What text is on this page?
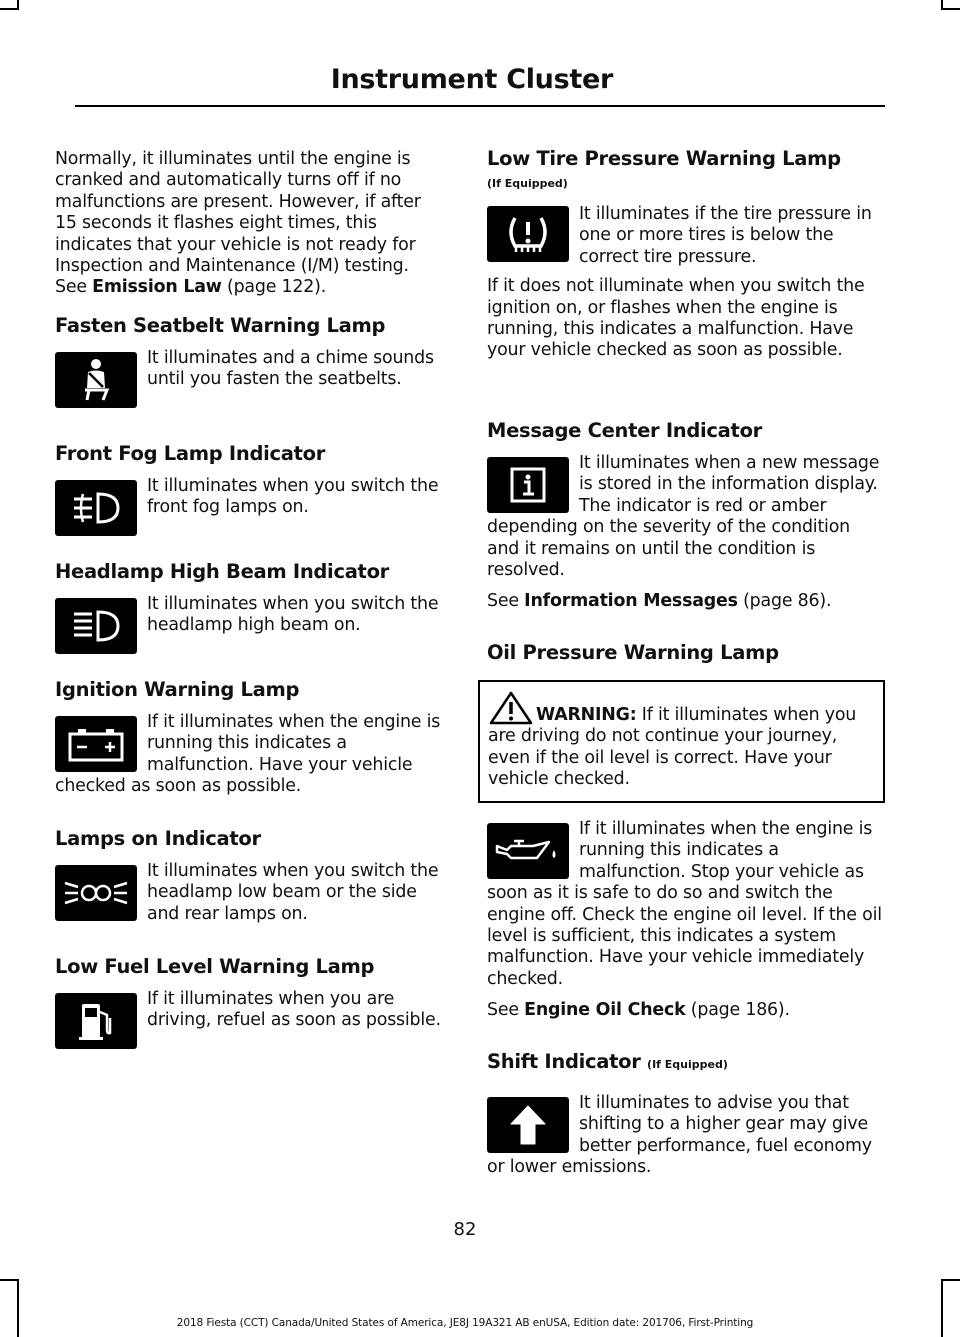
Instrument Cluster

Normally, it illuminates until the engine is cranked and automatically turns off if no malfunctions are present. However, if after 15 seconds it flashes eight times, this indicates that your vehicle is not ready for Inspection and Maintenance (I/M) testing. See Emission Law (page 122).

Fasten Seatbelt Warning Lamp

It illuminates and a chime sounds until you fasten the seatbelts.

Front Fog Lamp Indicator

It illuminates when you switch the front fog lamps on.

Headlamp High Beam Indicator

It illuminates when you switch the headlamp high beam on.

Ignition Warning Lamp

If it illuminates when the engine is running this indicates a malfunction. Have your vehicle checked as soon as possible.

Lamps on Indicator

It illuminates when you switch the headlamp low beam or the side and rear lamps on.

Low Fuel Level Warning Lamp

If it illuminates when you are driving, refuel as soon as possible.

Low Tire Pressure Warning Lamp
(If Equipped)

It illuminates if the tire pressure in one or more tires is below the correct tire pressure.

If it does not illuminate when you switch the ignition on, or flashes when the engine is running, this indicates a malfunction. Have your vehicle checked as soon as possible.

Message Center Indicator

It illuminates when a new message is stored in the information display. The indicator is red or amber depending on the severity of the condition and it remains on until the condition is resolved.

See Information Messages (page 86).

Oil Pressure Warning Lamp

WARNING: If it illuminates when you are driving do not continue your journey, even if the oil level is correct. Have your vehicle checked.

If it illuminates when the engine is running this indicates a malfunction. Stop your vehicle as soon as it is safe to do so and switch the engine off. Check the engine oil level. If the oil level is sufficient, this indicates a system malfunction. Have your vehicle immediately checked.

See Engine Oil Check (page 186).

Shift Indicator (If Equipped)

It illuminates to advise you that shifting to a higher gear may give better performance, fuel economy or lower emissions.

82
2018 Fiesta (CCT) Canada/United States of America, JE8J 19A321 AB enUSA, Edition date: 201706, First-Printing
